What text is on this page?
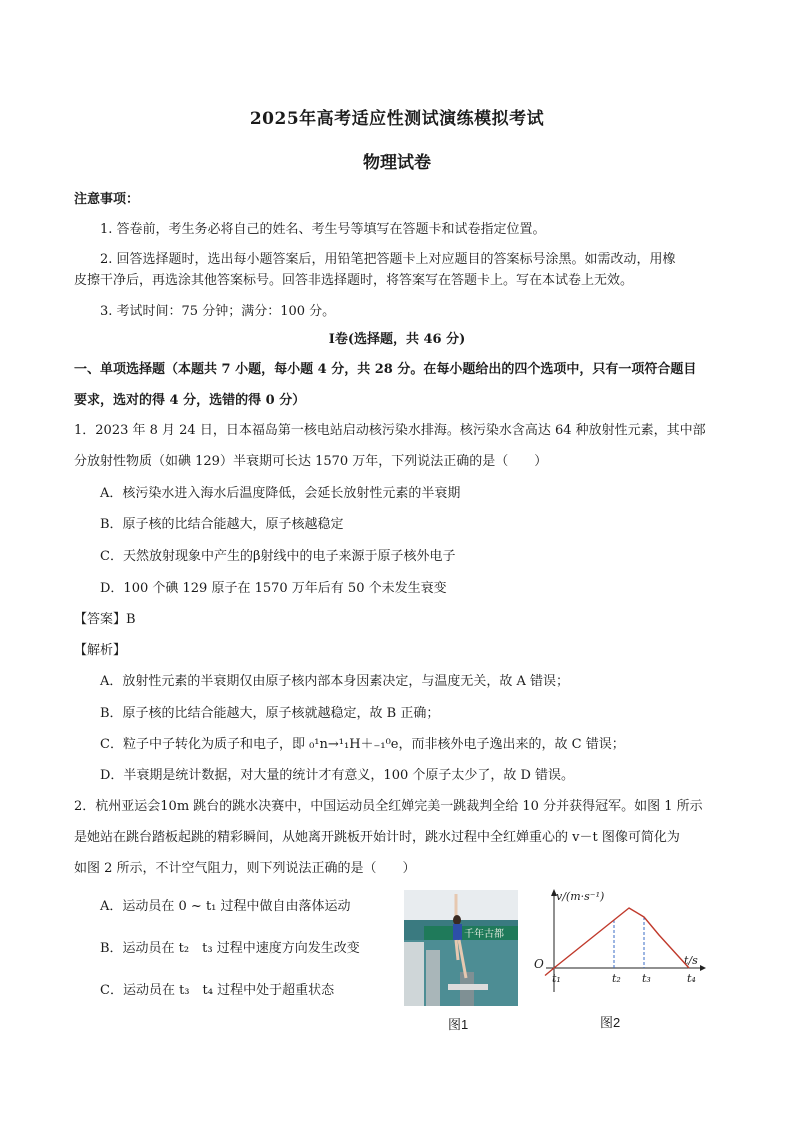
2025年高考适应性测试演练模拟考试
物理试卷
注意事项：
1. 答卷前，考生务必将自己的姓名、考生号等填写在答题卡和试卷指定位置。
2. 回答选择题时，选出每小题答案后，用铅笔把答题卡上对应题目的答案标号涂黑。如需改动，用橡
皮擦干净后，再选涂其他答案标号。回答非选择题时，将答案写在答题卡上。写在本试卷上无效。
3. 考试时间：75 分钟；满分：100 分。
Ⅰ卷(选择题，共 46 分)
一、单项选择题（本题共 7 小题，每小题 4 分，共 28 分。在每小题给出的四个选项中，只有一项符合题目
要求，选对的得 4 分，选错的得 0 分）
1．2023 年 8 月 24 日，日本福岛第一核电站启动核污染水排海。核污染水含高达 64 种放射性元素，其中部
分放射性物质（如碘 129）半衰期可长达 1570 万年，下列说法正确的是（　　）
A．核污染水进入海水后温度降低，会延长放射性元素的半衰期
B．原子核的比结合能越大，原子核越稳定
C．天然放射现象中产生的β射线中的电子来源于原子核外电子
D．100 个碘 129 原子在 1570 万年后有 50 个未发生衰变
【答案】B
【解析】
A．放射性元素的半衰期仅由原子核内部本身因素决定，与温度无关，故 A 错误；
B．原子核的比结合能越大，原子核就越稳定，故 B 正确；
C．粒子中子转化为质子和电子，即 ₀¹n→¹₁H＋₋₁⁰e，而非核外电子逸出来的，故 C 错误；
D．半衰期是统计数据，对大量的统计才有意义，100 个原子太少了，故 D 错误。
2．杭州亚运会10m 跳台的跳水决赛中，中国运动员全红婵完美一跳裁判全给 10 分并获得冠军。如图 1 所示
是她站在跳台踏板起跳的精彩瞬间，从她离开跳板开始计时，跳水过程中全红婵重心的 v－t 图像可简化为
如图 2 所示，不计空气阻力，则下列说法正确的是（　　）
A．运动员在 0 ~ t₁ 过程中做自由落体运动
B．运动员在 t₂　t₃ 过程中速度方向发生改变
C．运动员在 t₃　t₄ 过程中处于超重状态
千年古都
图1
v/(m·s⁻¹)
t/s
O
t₁	t₂ t₃	t₄
图2
